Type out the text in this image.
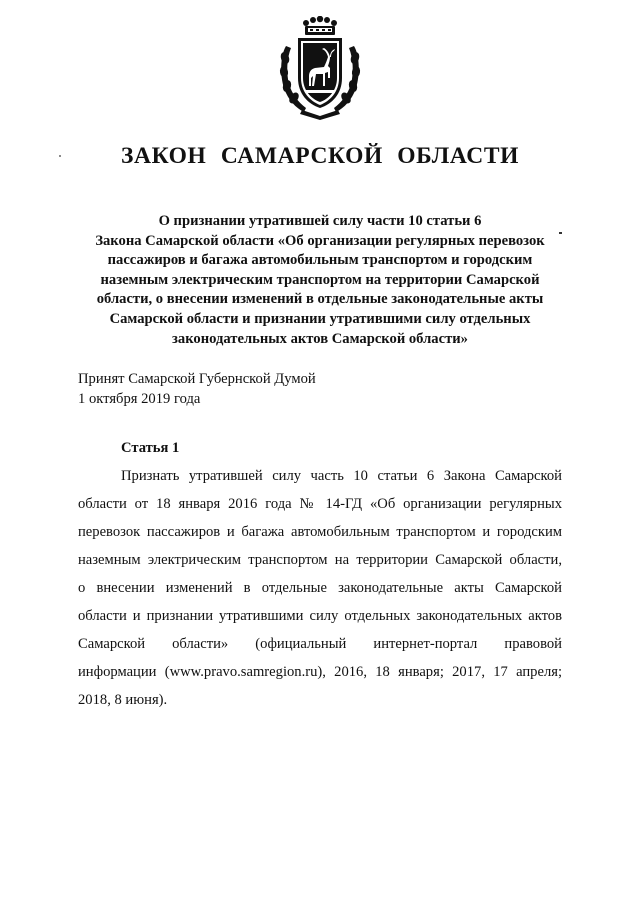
ЗАКОН САМАРСКОЙ ОБЛАСТИ
О признании утратившей силу части 10 статьи 6
Закона Самарской области «Об организации регулярных перевозок
пассажиров и багажа автомобильным транспортом и городским
наземным электрическим транспортом на территории Самарской
области, о внесении изменений в отдельные законодательные акты
Самарской области и признании утратившими силу отдельных
законодательных актов Самарской области»
Принят Самарской Губернской Думой
1 октября 2019 года
Статья 1
Признать утратившей силу часть 10 статьи 6 Закона Самарской
области от 18 января 2016 года № 14-ГД «Об организации регулярных
перевозок пассажиров и багажа автомобильным транспортом и городским
наземным электрическим транспортом на территории Самарской области,
о внесении изменений в отдельные законодательные акты Самарской
области и признании утратившими силу отдельных законодательных актов
Самарской области» (официальный интернет-портал правовой
информации (www.pravo.samregion.ru), 2016, 18 января; 2017, 17 апреля;
2018, 8 июня).
